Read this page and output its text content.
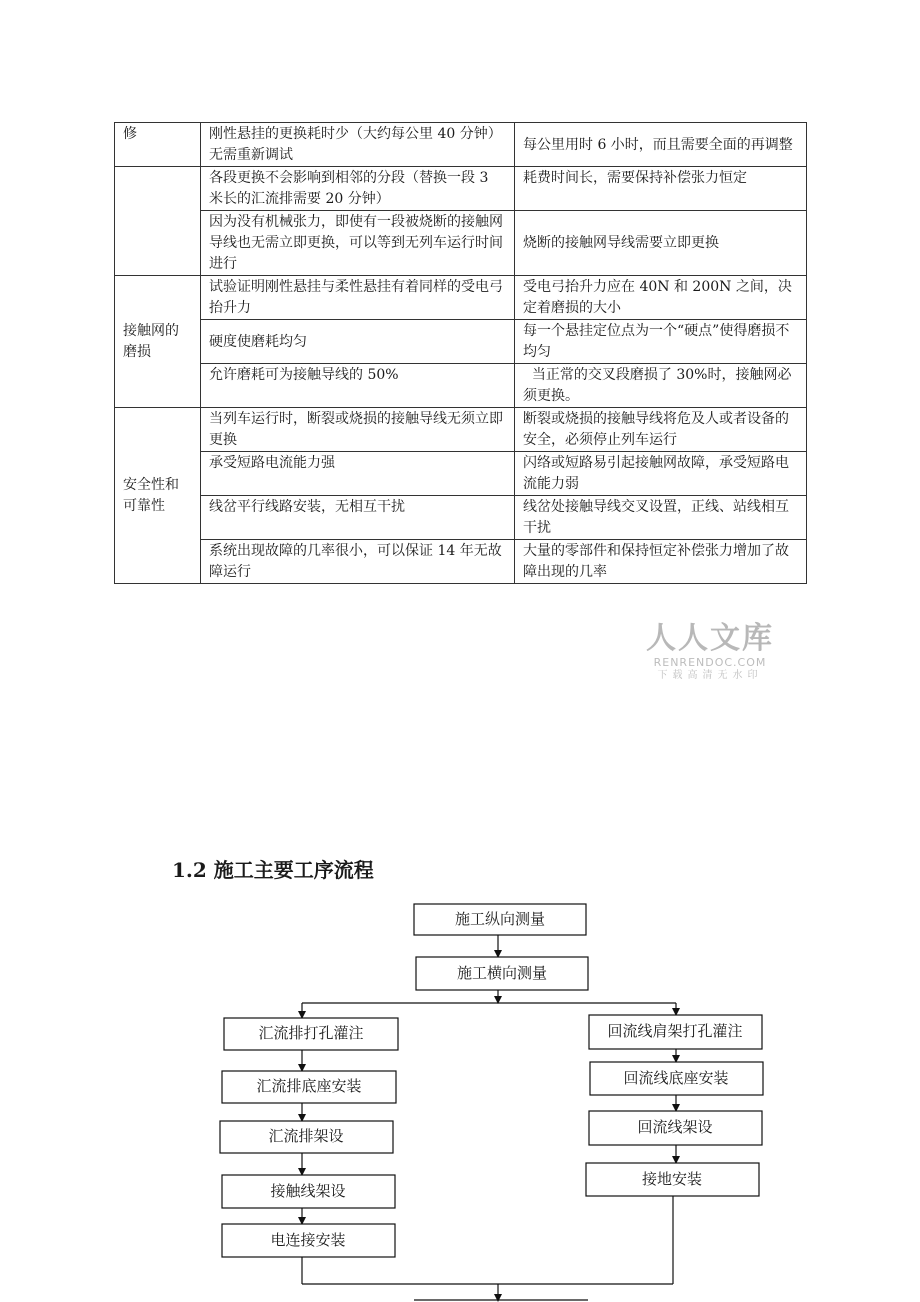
修	刚性悬挂的更换耗时少（大约每公里 40 分钟）无需重新调试	每公里用时 6 小时，而且需要全面的再调整
	各段更换不会影响到相邻的分段（替换一段 3 米长的汇流排需要 20 分钟）	耗费时间长，需要保持补偿张力恒定
	因为没有机械张力，即使有一段被烧断的接触网导线也无需立即更换，可以等到无列车运行时间进行	烧断的接触网导线需要立即更换
接触网的磨损	试验证明刚性悬挂与柔性悬挂有着同样的受电弓抬升力	受电弓抬升力应在 40N 和 200N 之间，决定着磨损的大小
	硬度使磨耗均匀	每一个悬挂定位点为一个“硬点”使得磨损不均匀
	允许磨耗可为接触导线的 50%	当正常的交叉段磨损了 30%时，接触网必须更换。
安全性和可靠性	当列车运行时，断裂或烧损的接触导线无须立即更换	断裂或烧损的接触导线将危及人或者设备的安全，必须停止列车运行
	承受短路电流能力强	闪络或短路易引起接触网故障，承受短路电流能力弱
	线岔平行线路安装，无相互干扰	线岔处接触导线交叉设置，正线、站线相互干扰
	系统出现故障的几率很小，可以保证 14 年无故障运行	大量的零部件和保持恒定补偿张力增加了故障出现的几率
人人文库
RENRENDOC.COM
下载高清无水印
1.2 施工主要工序流程
施工纵向测量
施工横向测量
汇流排打孔灌注
汇流排底座安装
汇流排架设
接触线架设
电连接安装
回流线肩架打孔灌注
回流线底座安装
回流线架设
接地安装
